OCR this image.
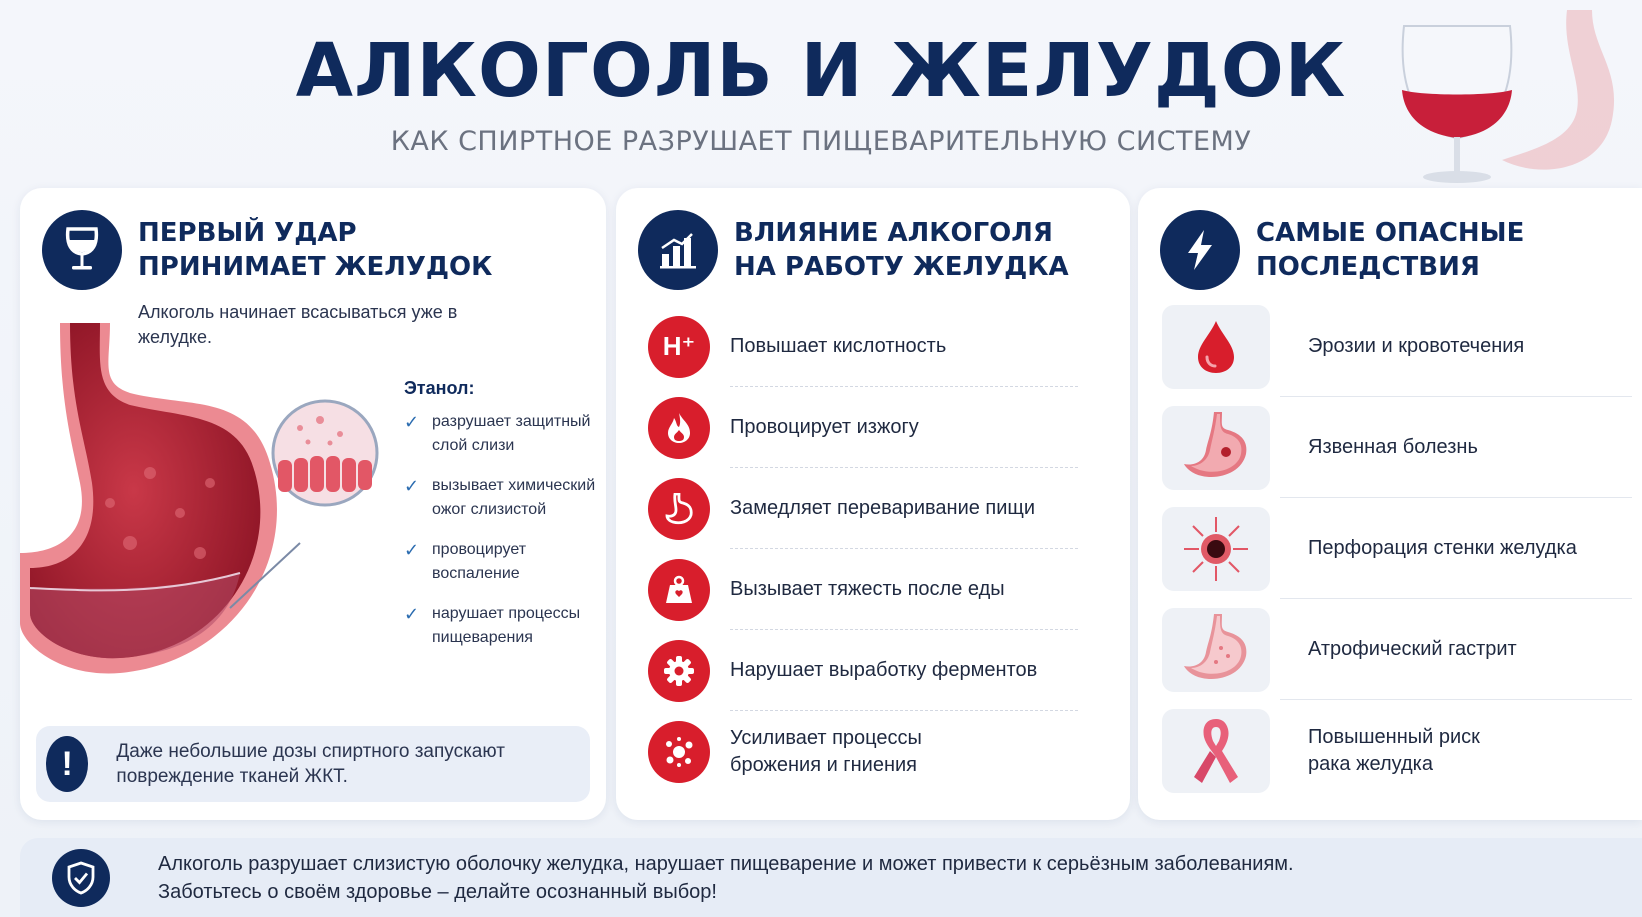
АЛКОГОЛЬ И ЖЕЛУДОК
КАК СПИРТНОЕ РАЗРУШАЕТ ПИЩЕВАРИТЕЛЬНУЮ СИСТЕМУ
ПЕРВЫЙ УДАР
ПРИНИМАЕТ ЖЕЛУДОК
Алкоголь начинает всасываться уже в желудке.
Этанол:
✓ разрушает защитный слой слизи
✓ вызывает химический ожог слизистой
✓ провоцирует воспаление
✓ нарушает процессы пищеварения
!	Даже небольшие дозы спиртного запускают повреждение тканей ЖКТ.
ВЛИЯНИЕ АЛКОГОЛЯ
НА РАБОТУ ЖЕЛУДКА
H⁺ Повышает кислотность
Провоцирует изжогу
Замедляет переваривание пищи
Вызывает тяжесть после еды
Нарушает выработку ферментов
Усиливает процессы брожения и гниения
САМЫЕ ОПАСНЫЕ
ПОСЛЕДСТВИЯ
Эрозии и кровотечения
Язвенная болезнь
Перфорация стенки желудка
Атрофический гастрит
Повышенный риск рака желудка
Алкоголь разрушает слизистую оболочку желудка, нарушает пищеварение и может привести к серьёзным заболеваниям.
Заботьтесь о своём здоровье – делайте осознанный выбор!
